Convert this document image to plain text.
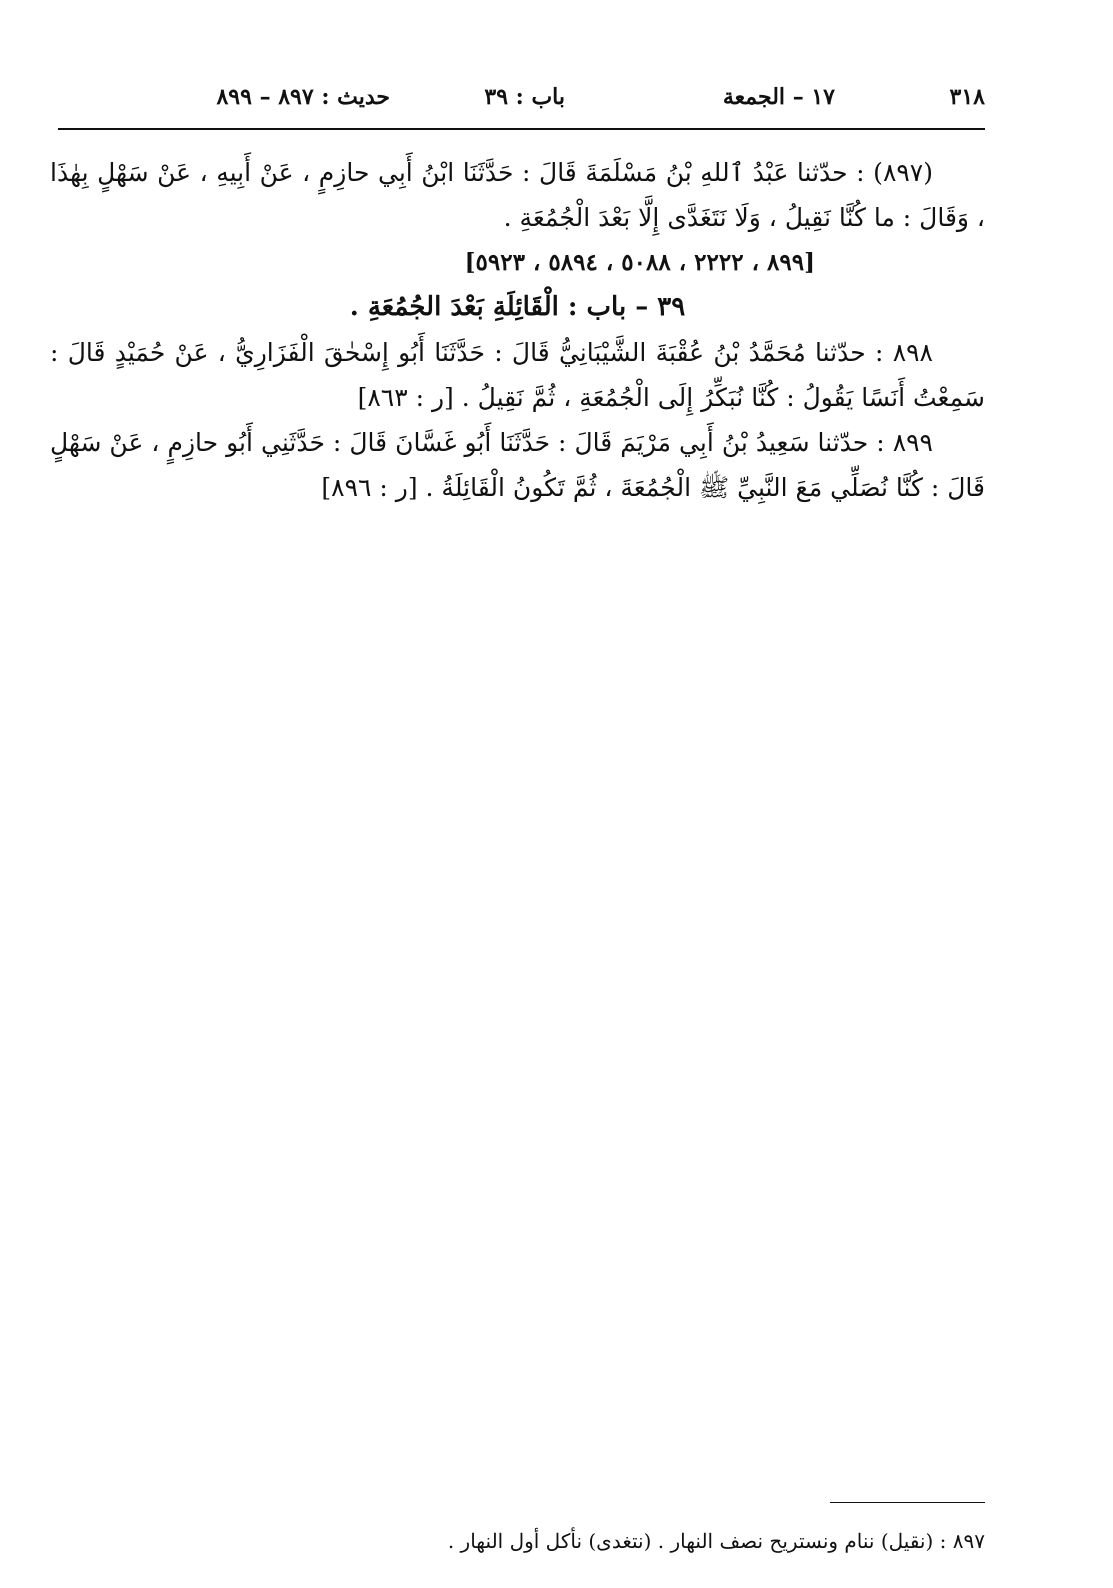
٣١٨
١٧ – الجمعة
باب : ٣٩
حديث : ٨٩٧ – ٨٩٩

(٨٩٧) : حدّثنا عَبْدُ ٱللهِ بْنُ مَسْلَمَةَ قَالَ : حَدَّثَنَا ابْنُ أَبِي حازِمٍ ، عَنْ أَبِيهِ ، عَنْ سَهْلٍ بِهٰذَا ، وَقَالَ : ما كُنَّا نَقِيلُ ، وَلَا نَتَغَدَّى إِلَّا بَعْدَ الْجُمُعَةِ .

[٨٩٩ ، ٢٢٢٢ ، ٥٠٨٨ ، ٥٨٩٤ ، ٥٩٢٣]

٣٩ – باب : الْقَائِلَةِ بَعْدَ الجُمُعَةِ .

٨٩٨ : حدّثنا مُحَمَّدُ بْنُ عُقْبَةَ الشَّيْبَانِيُّ قَالَ : حَدَّثَنَا أَبُو إِسْحٰقَ الْفَزَارِيُّ ، عَنْ حُمَيْدٍ قَالَ : سَمِعْتُ أَنَسًا يَقُولُ : كُنَّا نُبَكِّرُ إِلَى الْجُمُعَةِ ، ثُمَّ نَقِيلُ . [ر : ٨٦٣]

٨٩٩ : حدّثنا سَعِيدُ بْنُ أَبِي مَرْيَمَ قَالَ : حَدَّثَنَا أَبُو غَسَّانَ قَالَ : حَدَّثَنِي أَبُو حازِمٍ ، عَنْ سَهْلٍ قَالَ : كُنَّا نُصَلِّي مَعَ النَّبِيِّ ﷺ الْجُمُعَةَ ، ثُمَّ تَكُونُ الْقَائِلَةُ . [ر : ٨٩٦]

٨٩٧ : (نقيل) ننام ونستريح نصف النهار . (نتغدى) نأكل أول النهار .
